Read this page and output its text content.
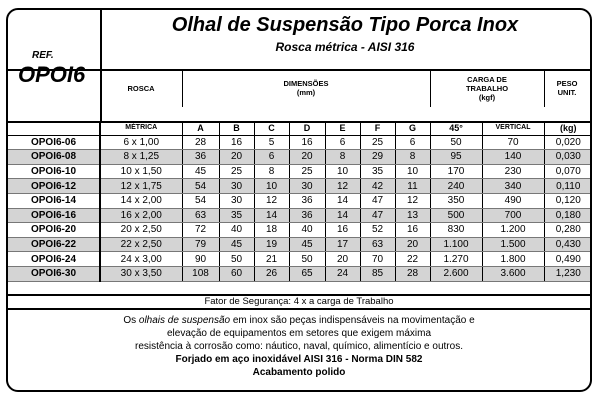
REF.
OPOI6
Olhal de Suspensão Tipo Porca Inox
Rosca métrica - AISI 316
ROSCA	DIMENSÕES
(mm)
CARGA DE TRABALHO
(kgf)
PESO UNIT.
	MÉTRICA	A	B	C	D	E	F	G	45°	VERTICAL	(kg)
OPOI6-06	6 x 1,00	28	16	5	16	6	25	6	50	70	0,020
OPOI6-08	8 x 1,25	36	20	6	20	8	29	8	95	140	0,030
OPOI6-10	10 x 1,50	45	25	8	25	10	35	10	170	230	0,070
OPOI6-12	12 x 1,75	54	30	10	30	12	42	11	240	340	0,110
OPOI6-14	14 x 2,00	54	30	12	36	14	47	12	350	490	0,120
OPOI6-16	16 x 2,00	63	35	14	36	14	47	13	500	700	0,180
OPOI6-20	20 x 2,50	72	40	18	40	16	52	16	830	1.200	0,280
OPOI6-22	22 x 2,50	79	45	19	45	17	63	20	1.100	1.500	0,430
OPOI6-24	24 x 3,00	90	50	21	50	20	70	22	1.270	1.800	0,490
OPOI6-30	30 x 3,50	108	60	26	65	24	85	28	2.600	3.600	1,230
Fator de Segurança: 4 x a carga de Trabalho
Os olhais de suspensão em inox são peças indispensáveis na movimentação e
elevação de equipamentos em setores que exigem máxima
resistência à corrosão como: náutico, naval, químico, alimentício e outros.
Forjado em aço inoxidável AISI 316 - Norma DIN 582
Acabamento polido
